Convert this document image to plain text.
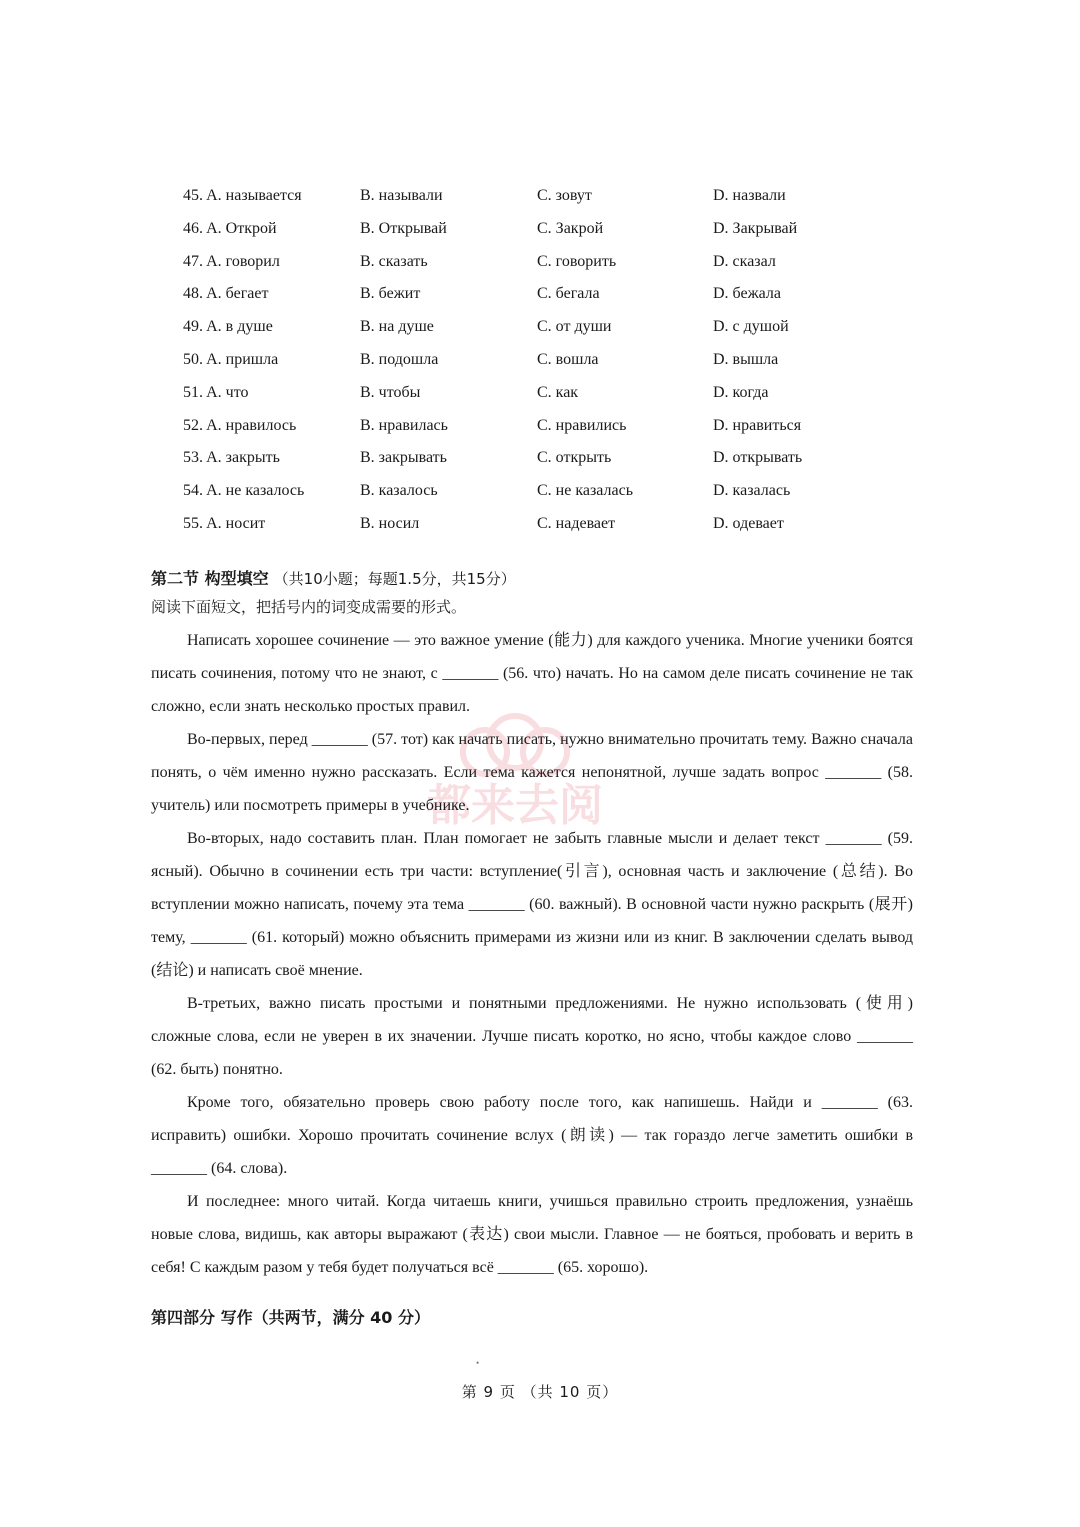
都来去阅
45. A. называется	B. называли	C. зовут	D. назвали
46. A. Открой	B. Открывай	C. Закрой	D. Закрывай
47. A. говорил	B. сказать	C. говорить	D. сказал
48. A. бегает	B. бежит	C. бегала	D. бежала
49. A. в душе	B. на душе	C. от души	D. с душой
50. A. пришла	B. подошла	C. вошла	D. вышла
51. A. что	B. чтобы	C. как	D. когда
52. A. нравилось	B. нравилась	C. нравились	D. нравиться
53. A. закрыть	B. закрывать	C. открыть	D. открывать
54. A. не казалось	B. казалось	C. не казалась	D. казалась
55. A. носит	B. носил	C. надевает	D. одевает
第二节 构型填空 （共10小题；每题1.5分，共15分）
阅读下面短文，把括号内的词变成需要的形式。

Написать хорошее сочинение — это важное умение (能力) для каждого ученика. Многие ученики боятся писать сочинения, потому что не знают, с _______ (56. что) начать. Но на самом деле писать сочинение не так сложно, если знать несколько простых правил.

Во-первых, перед _______ (57. тот) как начать писать, нужно внимательно прочитать тему. Важно сначала понять, о чём именно нужно рассказать. Если тема кажется непонятной, лучше задать вопрос _______ (58. учитель) или посмотреть примеры в учебнике.

Во-вторых, надо составить план. План помогает не забыть главные мысли и делает текст _______ (59. ясный). Обычно в сочинении есть три части: вступление(引言), основная часть и заключение (总结). Во вступлении можно написать, почему эта тема _______ (60. важный). В основной части нужно раскрыть (展开) тему, _______ (61. который) можно объяснить примерами из жизни или из книг. В заключении сделать вывод (结论) и написать своё мнение.

В-третьих, важно писать простыми и понятными предложениями. Не нужно использовать (使用) сложные слова, если не уверен в их значении. Лучше писать коротко, но ясно, чтобы каждое слово _______ (62. быть) понятно.

Кроме того, обязательно проверь свою работу после того, как напишешь. Найди и _______ (63. исправить) ошибки. Хорошо прочитать сочинение вслух (朗读) — так гораздо легче заметить ошибки в _______ (64. слова).

И последнее: много читай. Когда читаешь книги, учишься правильно строить предложения, узнаёшь новые слова, видишь, как авторы выражают (表达) свои мысли. Главное — не бояться, пробовать и верить в себя! С каждым разом у тебя будет получаться всё _______ (65. хорошо).

第四部分 写作（共两节，满分 40 分）
•
第 9 页 （共 10 页）
